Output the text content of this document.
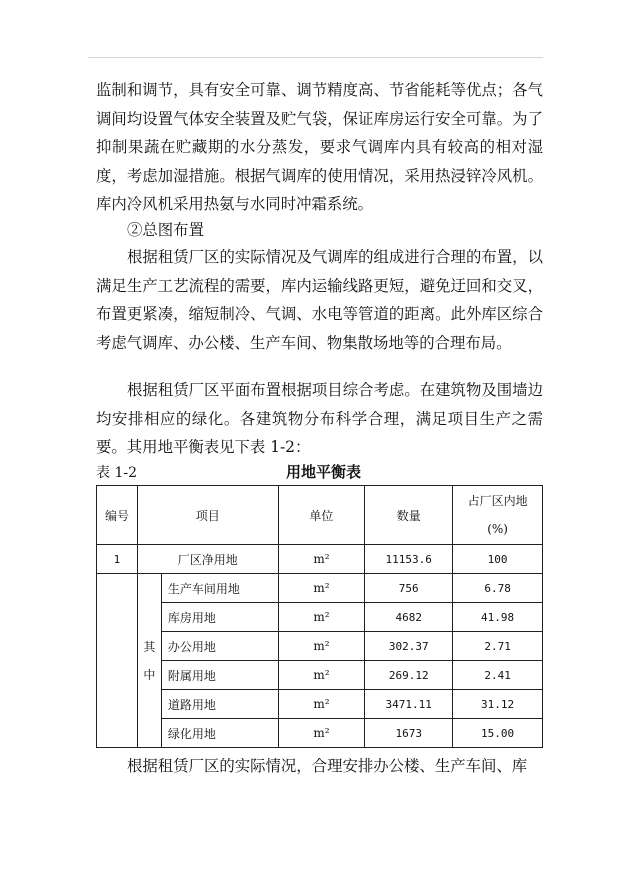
监制和调节，具有安全可靠、调节精度高、节省能耗等优点；各气调间均设置气体安全装置及贮气袋，保证库房运行安全可靠。为了抑制果蔬在贮藏期的水分蒸发，要求气调库内具有较高的相对湿度，考虑加湿措施。根据气调库的使用情况，采用热浸锌冷风机。库内冷风机采用热氨与水同时冲霜系统。

②总图布置

根据租赁厂区的实际情况及气调库的组成进行合理的布置，以满足生产工艺流程的需要，库内运输线路更短，避免迂回和交叉，布置更紧凑，缩短制冷、气调、水电等管道的距离。此外库区综合考虑气调库、办公楼、生产车间、物集散场地等的合理布局。

根据租赁厂区平面布置根据项目综合考虑。在建筑物及围墙边均安排相应的绿化。各建筑物分布科学合理，满足项目生产之需要。其用地平衡表见下表 1-2：

表 1-2	用地平衡表
编号	项目		单位	数量	占厂区内地
(%)

1	厂区净用地		m²	11153.6	100

	其
中	生产车间用地	m²	756	6.78
		库房用地	m²	4682	41.98
		办公用地	m²	302.37	2.71
		附属用地	m²	269.12	2.41
		道路用地	m²	3471.11	31.12
		绿化用地	m²	1673	15.00

根据租赁厂区的实际情况，合理安排办公楼、生产车间、库
